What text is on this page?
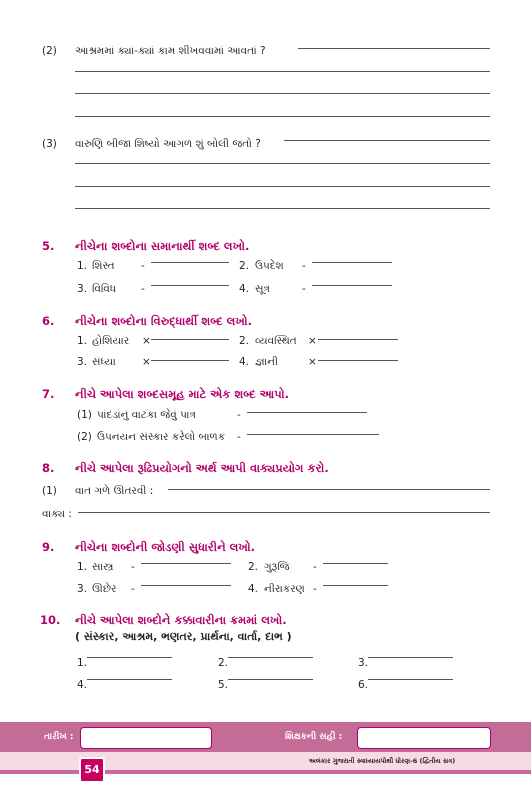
(2) આશ્રમમાં ક્યાં-ક્યાં કામ શીખવવામાં આવતાં ?
(3) વારુણિ બીજા શિષ્યો આગળ શું બોલી જતો ?
5. નીચેના શબ્દોના સમાનાર્થી શબ્દ લખો.
1. શિસ્ત	-	2. ઉપદેશ -
3. વિવિધ -	4. સૂત્ર	-
6. નીચેના શબ્દોના વિરુદ્ધાર્થી શબ્દ લખો.
1. હોશિયાર ×	2. વ્યવસ્થિત ×
3. સંધ્યા ×	4. જ્ઞાની	×
7. નીચે આપેલા શબ્દસમૂહ માટે એક શબ્દ આપો.
(1) પાંદડાંનું વાટકા જેવું પાત્ર	-
(2) ઉપનયન સંસ્કાર કરેલો બાળક -
8. નીચે આપેલા રૂઢિપ્રયોગનો અર્થ આપી વાક્યપ્રયોગ કરો.
(1) વાત ગળે ઊતરવી :
વાક્ય :
9. નીચેના શબ્દોની જોડણી સુધારીને લખો.
1. સાસ્ત્ર -	2. ગુરૂજિ -
3. ઊછેર -	4. નીરાકરણ -
10. નીચે આપેલા શબ્દોને કક્કાવારીના ક્રમમાં લખો.
( સંસ્કાર, આશ્રમ, ભણતર, પ્રાર્થના, વાર્તા, દાભ )
1.	2.	3.
4.	5.	6.
તારીખ :	શિક્ષકની સહી :
અલંકાર ગુજરાતી સ્વાધ્યાયપોથી ધોરણ-6 (દ્વિતીય સત્ર)
54
